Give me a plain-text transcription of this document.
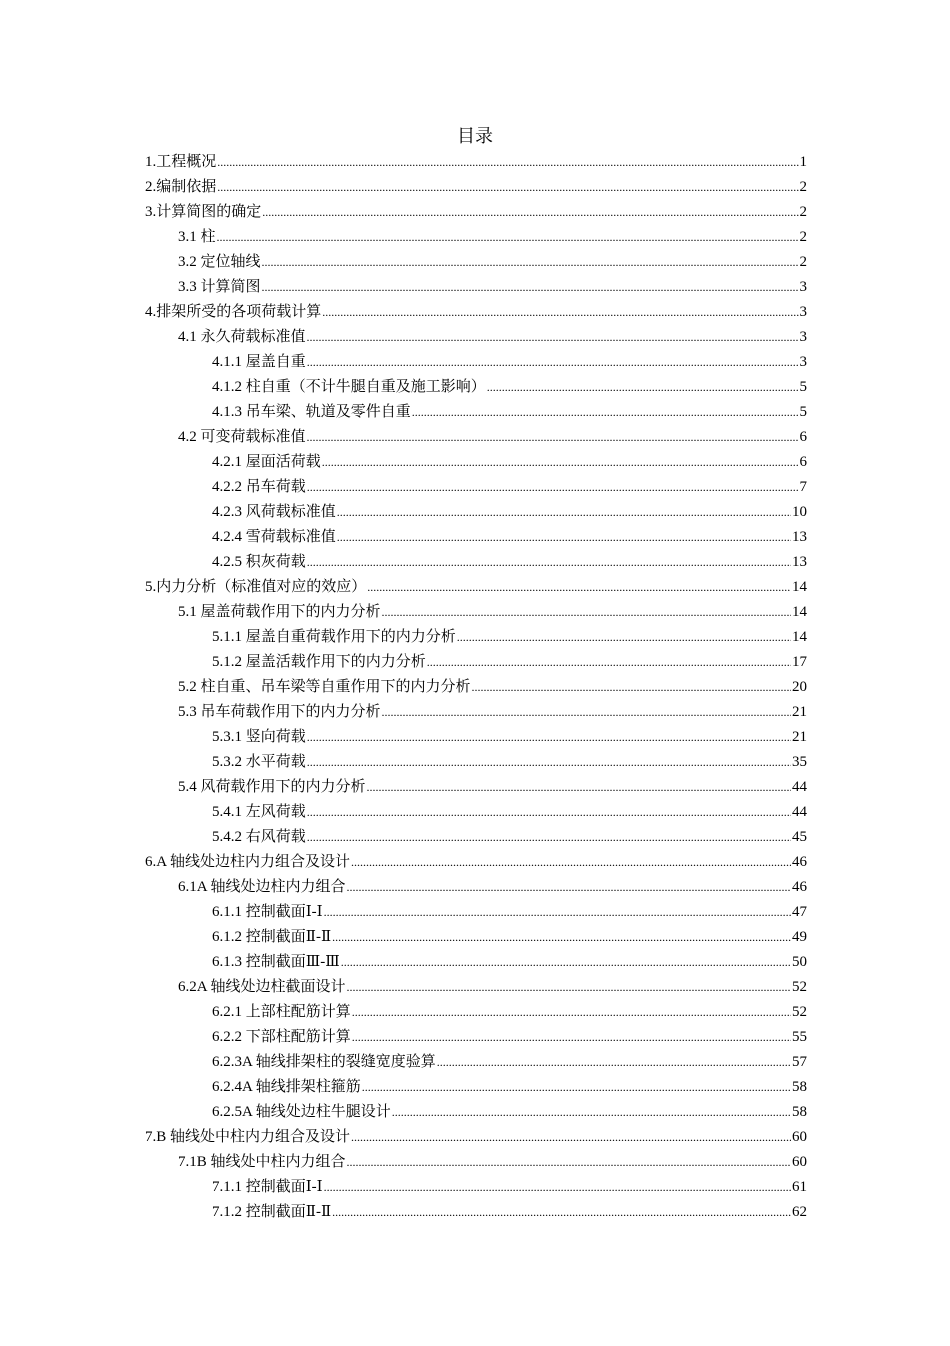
目录
1.工程概况 .....	1
2.编制依据 .....	2
3.计算简图的确定 .....	2
3.1 柱 .....	2
3.2 定位轴线 .....	2
3.3 计算简图 .....	3
4.排架所受的各项荷载计算 .....	3
4.1 永久荷载标准值 .....	3
4.1.1 屋盖自重 .....	3
4.1.2 柱自重（不计牛腿自重及施工影响） .....	5
4.1.3 吊车梁、轨道及零件自重 .....	5
4.2 可变荷载标准值 .....	6
4.2.1 屋面活荷载 .....	6
4.2.2 吊车荷载 .....	7
4.2.3 风荷载标准值 .....	10
4.2.4 雪荷载标准值 .....	13
4.2.5 积灰荷载 .....	13
5.内力分析（标准值对应的效应） .....	14
5.1 屋盖荷载作用下的内力分析 .....	14
5.1.1 屋盖自重荷载作用下的内力分析 .....	14
5.1.2 屋盖活载作用下的内力分析 .....	17
5.2 柱自重、吊车梁等自重作用下的内力分析 .....	20
5.3 吊车荷载作用下的内力分析 .....	21
5.3.1 竖向荷载 .....	21
5.3.2 水平荷载 .....	35
5.4 风荷载作用下的内力分析 .....	44
5.4.1 左风荷载 .....	44
5.4.2 右风荷载 .....	45
6.A 轴线处边柱内力组合及设计 .....	46
6.1A 轴线处边柱内力组合 .....	46
6.1.1 控制截面Ⅰ-Ⅰ .....	47
6.1.2 控制截面Ⅱ-Ⅱ .....	49
6.1.3 控制截面Ⅲ-Ⅲ .....	50
6.2A 轴线处边柱截面设计 .....	52
6.2.1 上部柱配筋计算 .....	52
6.2.2 下部柱配筋计算 .....	55
6.2.3A 轴线排架柱的裂缝宽度验算 .....	57
6.2.4A 轴线排架柱箍筋 .....	58
6.2.5A 轴线处边柱牛腿设计 .....	58
7.B 轴线处中柱内力组合及设计 .....	60
7.1B 轴线处中柱内力组合 .....	60
7.1.1 控制截面Ⅰ-Ⅰ .....	61
7.1.2 控制截面Ⅱ-Ⅱ .....	62
